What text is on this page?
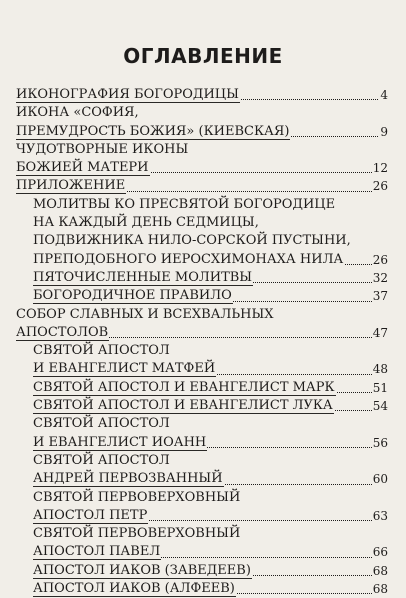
ОГЛАВЛЕНИЕ
ИКОНОГРАФИЯ БОГОРОДИЦЫ	4
ИКОНА «СОФИЯ,
ПРЕМУДРОСТЬ БОЖИЯ» (КИЕВСКАЯ)	9
ЧУДОТВОРНЫЕ ИКОНЫ
БОЖИЕЙ МАТЕРИ	12
ПРИЛОЖЕНИЕ	26
МОЛИТВЫ КО ПРЕСВЯТОЙ БОГОРОДИЦЕ
НА КАЖДЫЙ ДЕНЬ СЕДМИЦЫ,
ПОДВИЖНИКА НИЛО-СОРСКОЙ ПУСТЫНИ,
ПРЕПОДОБНОГО ИЕРОСХИМОНАХА НИЛА 26
ПЯТОЧИСЛЕННЫЕ МОЛИТВЫ	32
БОГОРОДИЧНОЕ ПРАВИЛО	37
СОБОР СЛАВНЫХ И ВСЕХВАЛЬНЫХ
АПОСТОЛОВ	47
СВЯТОЙ АПОСТОЛ
И ЕВАНГЕЛИСТ МАТФЕЙ	48
СВЯТОЙ АПОСТОЛ И ЕВАНГЕЛИСТ МАРК	51
СВЯТОЙ АПОСТОЛ И ЕВАНГЕЛИСТ ЛУКА	54
СВЯТОЙ АПОСТОЛ
И ЕВАНГЕЛИСТ ИОАНН	56
СВЯТОЙ АПОСТОЛ
АНДРЕЙ ПЕРВОЗВАННЫЙ	60
СВЯТОЙ ПЕРВОВЕРХОВНЫЙ
АПОСТОЛ ПЕТР	63
СВЯТОЙ ПЕРВОВЕРХОВНЫЙ
АПОСТОЛ ПАВЕЛ	66
АПОСТОЛ ИАКОВ (ЗАВЕДЕЕВ)	68
АПОСТОЛ ИАКОВ (АЛФЕЕВ)	68
